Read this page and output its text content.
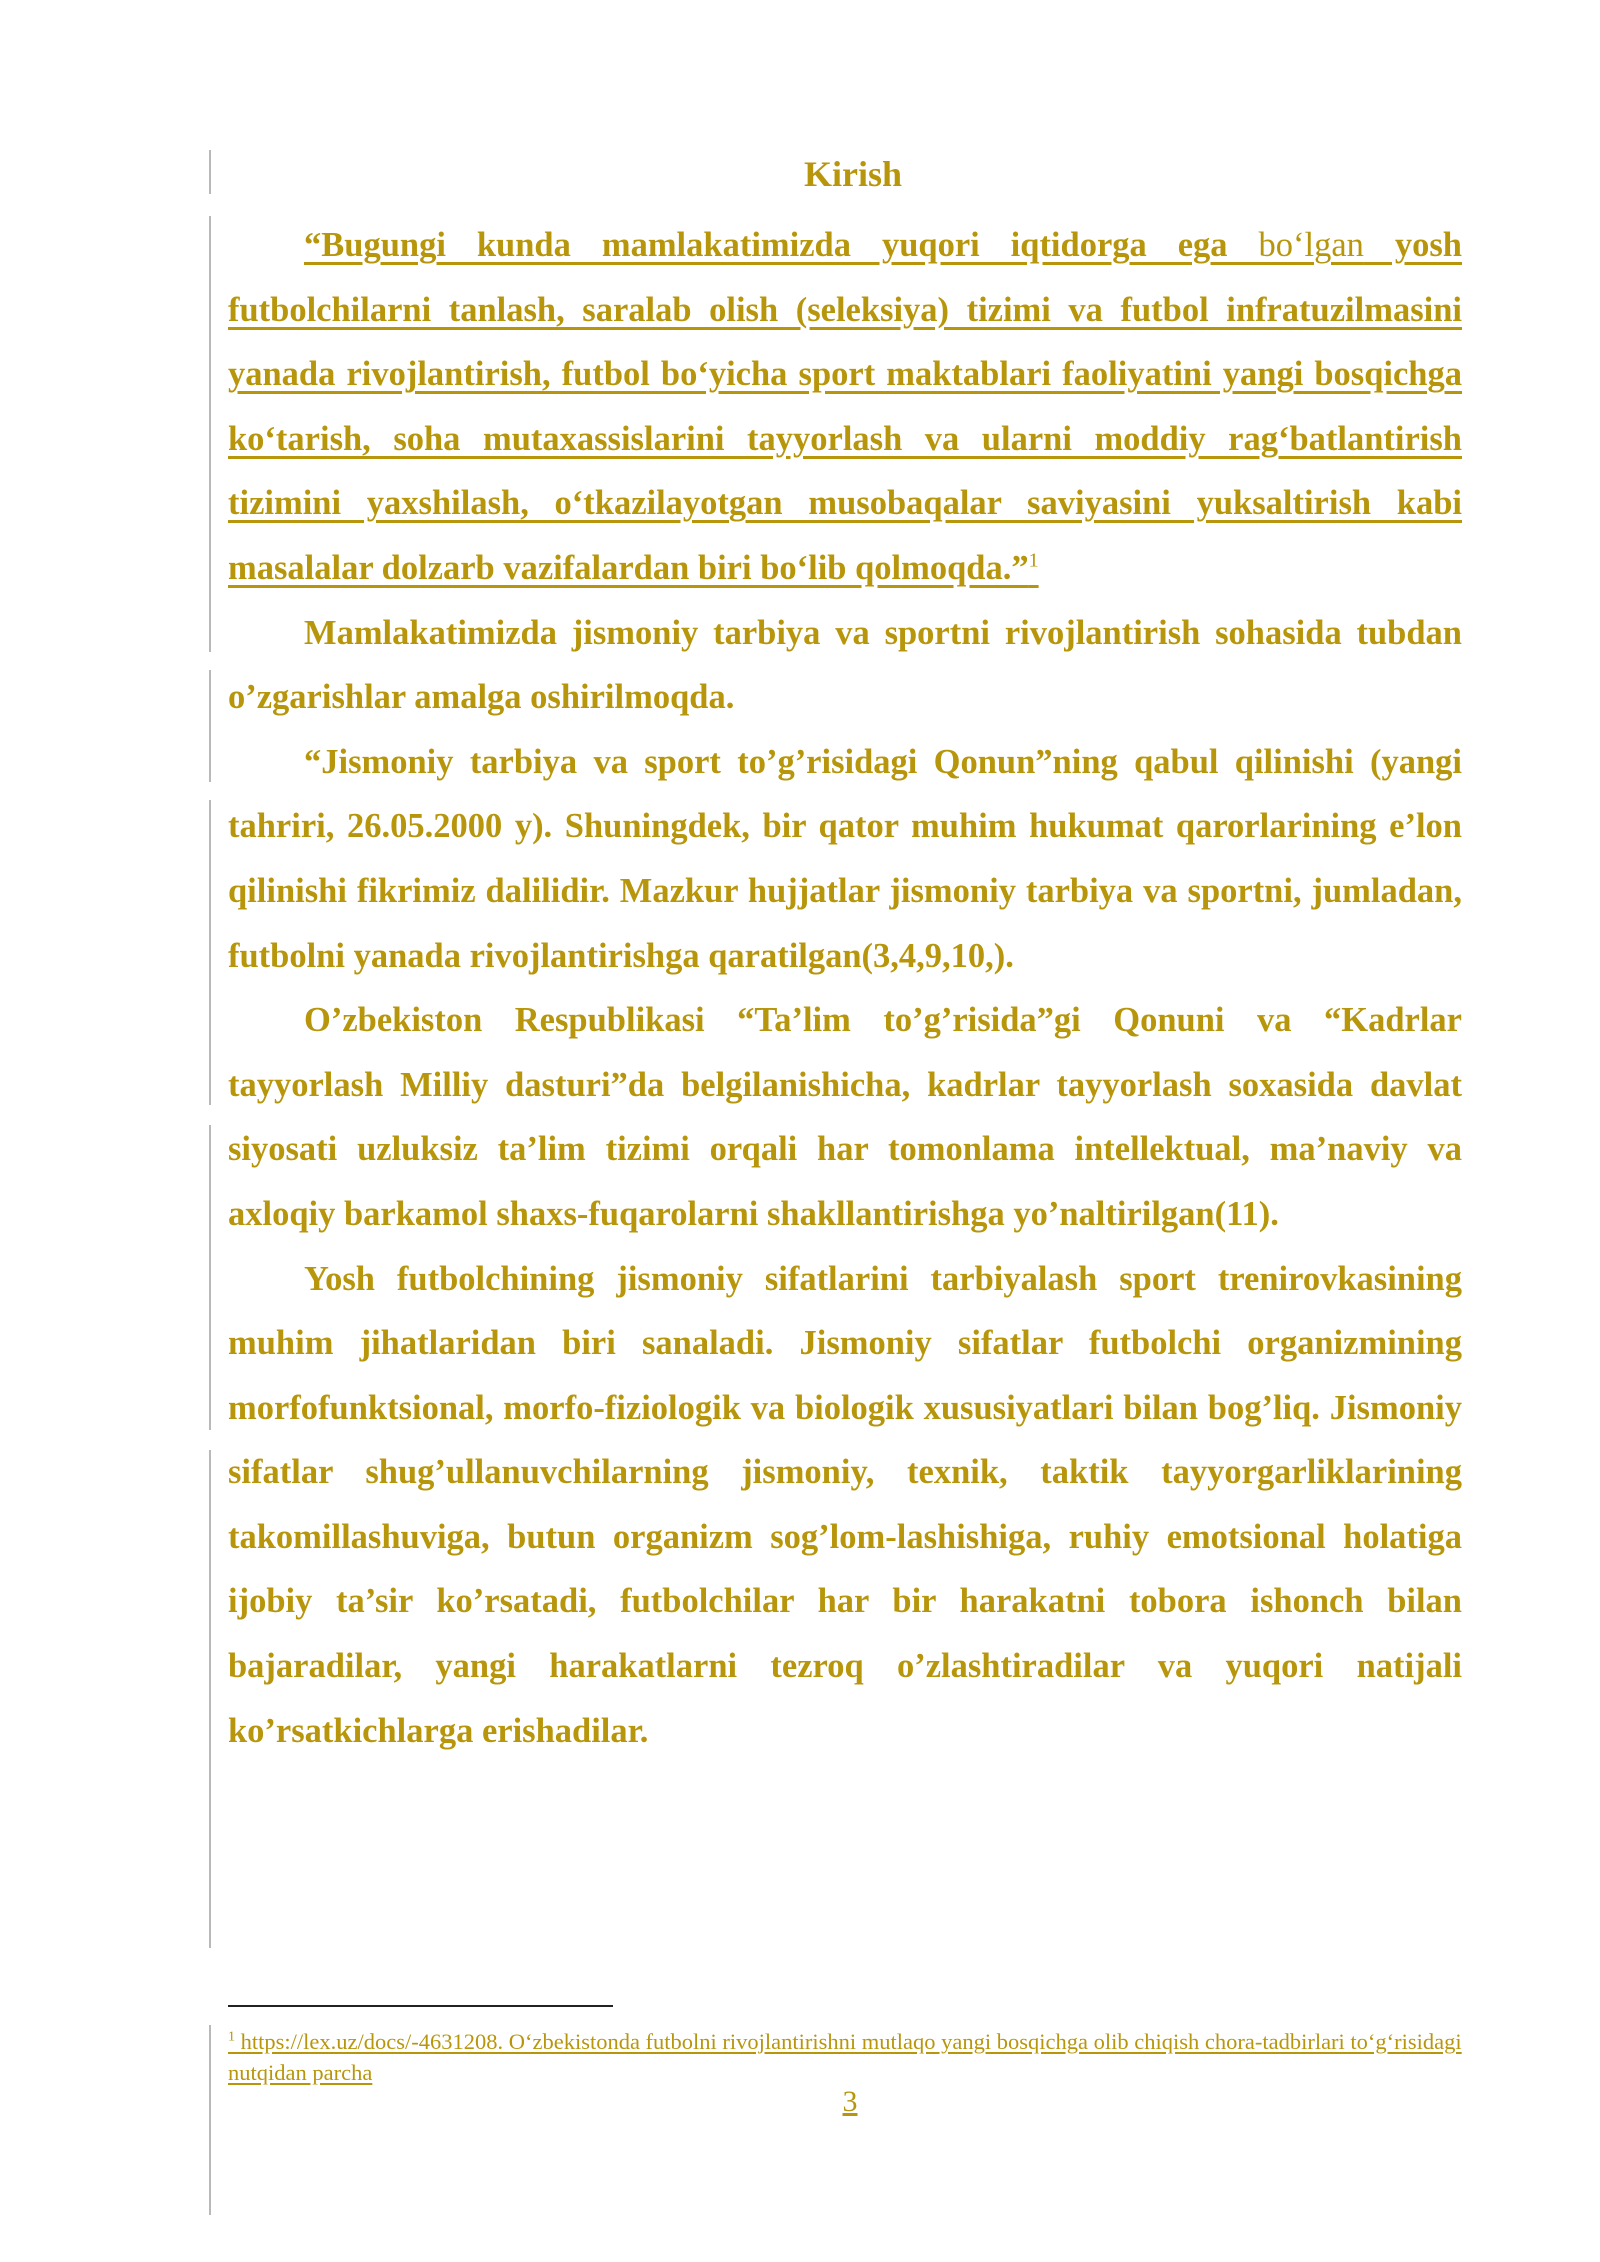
Kirish

“Bugungi kunda mamlakatimizda yuqori iqtidorga ega bo‘lgan yosh futbolchilarni tanlash, saralab olish (seleksiya) tizimi va futbol infratuzilmasini yanada rivojlantirish, futbol bo‘yicha sport maktablari faoliyatini yangi bosqichga ko‘tarish, soha mutaxassislarini tayyorlash va ularni moddiy rag‘batlantirish tizimini yaxshilash, o‘tkazilayotgan musobaqalar saviyasini yuksaltirish kabi masalalar dolzarb vazifalardan biri bo‘lib qolmoqda.”$^1$

Mamlakatimizda jismoniy tarbiya va sportni rivojlantirish sohasida tubdan o’zgarishlar amalga oshirilmoqda.

“Jismoniy tarbiya va sport to’g’risidagi Qonun”ning qabul qilinishi (yangi tahriri, 26.05.2000 y). Shuningdek, bir qator muhim hukumat qarorlarining e’lon qilinishi fikrimiz dalilidir. Mazkur hujjatlar jismoniy tarbiya va sportni, jumladan, futbolni yanada rivojlantirishga qaratilgan(3,4,9,10,).

O’zbekiston Respublikasi “Ta’lim to’g’risida”gi Qonuni va “Kadrlar tayyorlash Milliy dasturi”da belgilanishicha, kadrlar tayyorlash soxasida davlat siyosati uzluksiz ta’lim tizimi orqali har tomonlama intellektual, ma’naviy va axloqiy barkamol shaxs-fuqarolarni shakllantirishga yo’naltirilgan(11).

Yosh futbolchining jismoniy sifatlarini tarbiyalash sport trenirovkasining muhim jihatlaridan biri sanaladi. Jismoniy sifatlar futbolchi organizmining morfofunktsional, morfo-fiziologik va biologik xususiyatlari bilan bog’liq. Jismoniy sifatlar shug’ullanuvchilarning jismoniy, texnik, taktik tayyorgarliklarining takomillashuviga, butun organizm sog’lom-lashishiga, ruhiy emotsional holatiga ijobiy ta’sir ko’rsatadi, futbolchilar har bir harakatni tobora ishonch bilan bajaradilar, yangi harakatlarni tezroq o’zlashtiradilar va yuqori natijali ko’rsatkichlarga erishadilar.

$^1$ https://lex.uz/docs/-4631208. O‘zbekistonda futbolni rivojlantirishni mutlaqo yangi bosqichga olib chiqish chora-tadbirlari to‘g‘risidagi nutqidan parcha
3
